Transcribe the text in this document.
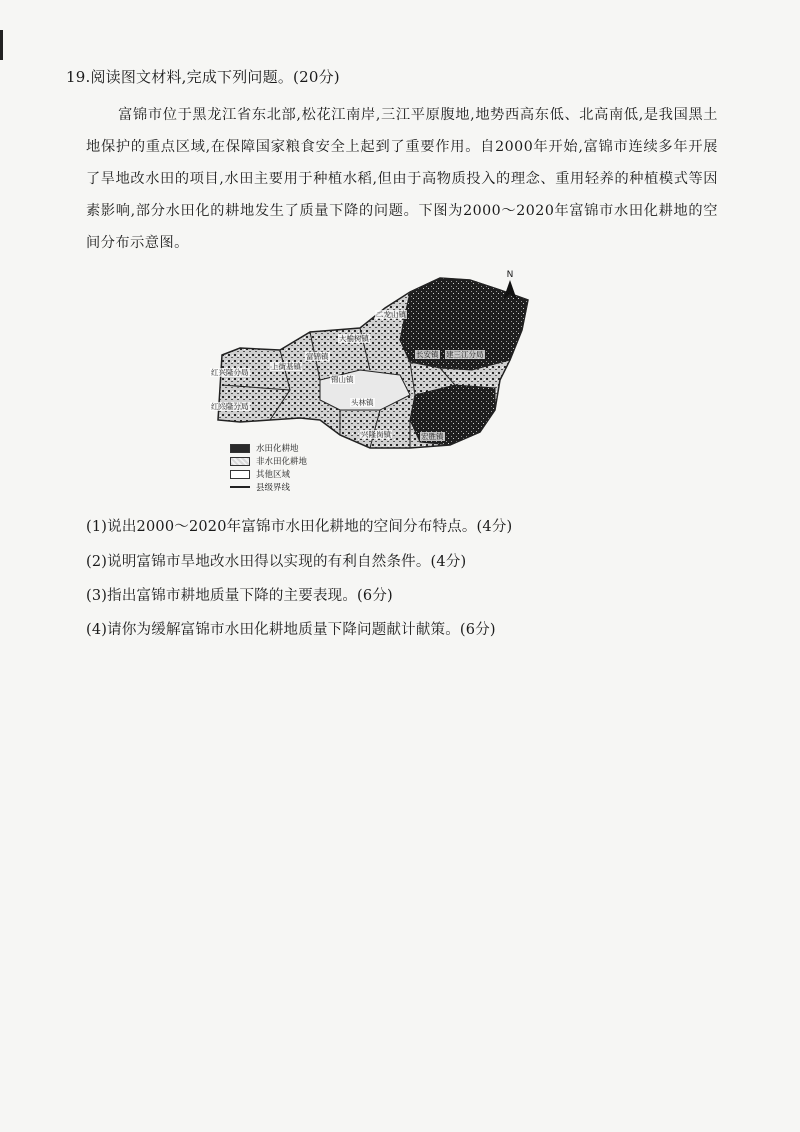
19.阅读图文材料,完成下列问题。(20分)

富锦市位于黑龙江省东北部,松花江南岸,三江平原腹地,地势西高东低、北高南低,是我国黑土地保护的重点区域,在保障国家粮食安全上起到了重要作用。自2000年开始,富锦市连续多年开展了旱地改水田的项目,水田主要用于种植水稻,但由于高物质投入的理念、重用轻养的种植模式等因素影响,部分水田化的耕地发生了质量下降的问题。下图为2000～2020年富锦市水田化耕地的空间分布示意图。

N
上街基镇
富锦镇
大榆树镇
锦山镇
头林镇
兴隆岗镇
红兴隆分局
红兴隆分局
二龙山镇
长安镇
宏胜镇
建三江分局
水田化耕地
非水田化耕地
其他区域
县级界线
(1)说出2000～2020年富锦市水田化耕地的空间分布特点。(4分)
(2)说明富锦市旱地改水田得以实现的有利自然条件。(4分)
(3)指出富锦市耕地质量下降的主要表现。(6分)
(4)请你为缓解富锦市水田化耕地质量下降问题献计献策。(6分)
